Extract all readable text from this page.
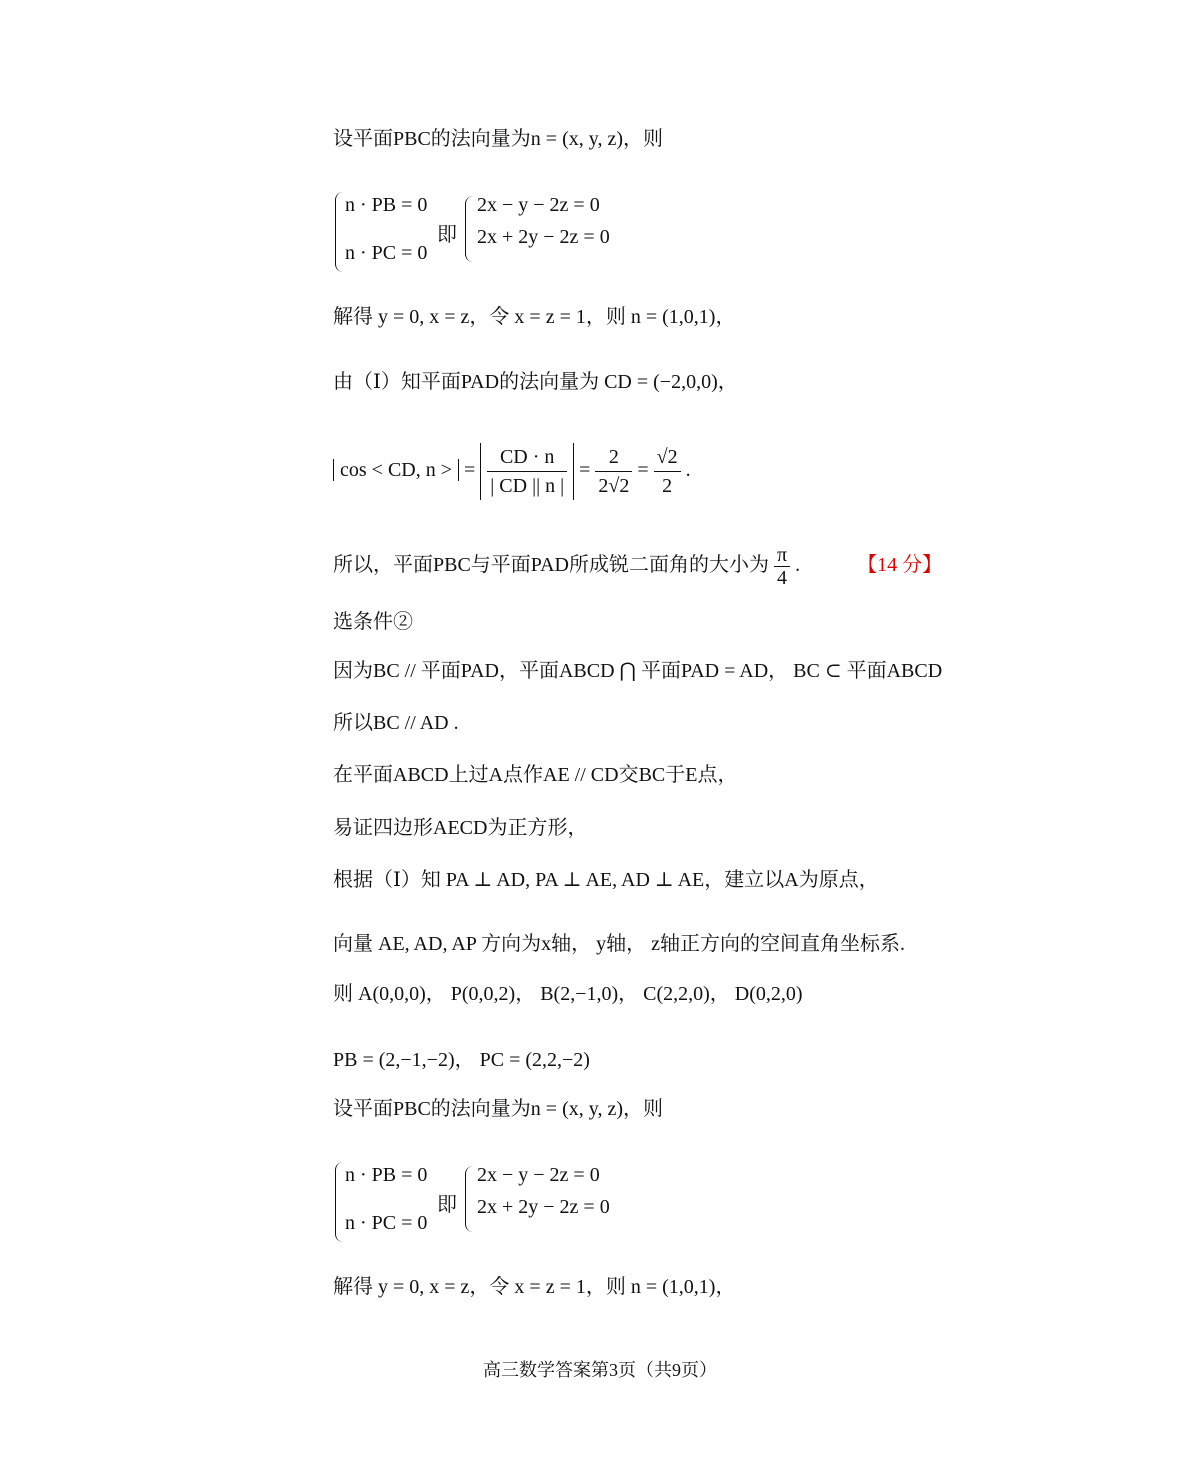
设平面PBC的法向量为n = (x, y, z)，则
n · PB = 0
n · PC = 0
即
2x − y − 2z = 0
2x + 2y − 2z = 0
解得 y = 0, x = z，令 x = z = 1，则 n = (1,0,1)，
由（Ⅰ）知平面PAD的法向量为 CD = (−2,0,0)，
cos < CD, n > = $\frac{CD \cdot n}{| CD || n |} = \frac{2}{2√2} = \frac{√2}{2}$ .
所以，平面PBC与平面PAD所成锐二面角的大小为 $\frac{\pi}{4}$ .	【14 分】
选条件②
因为BC // 平面PAD，平面ABCD ⋂ 平面PAD = AD， BC ⊂ 平面ABCD
所以BC // AD .
在平面ABCD上过A点作AE // CD交BC于E点，
易证四边形AECD为正方形，
根据（Ⅰ）知 PA ⊥ AD, PA ⊥ AE, AD ⊥ AE，建立以A为原点，
向量 AE, AD, AP 方向为x轴， y轴， z轴正方向的空间直角坐标系.
则 A(0,0,0)， P(0,0,2)， B(2,−1,0)， C(2,2,0)， D(0,2,0)
PB = (2,−1,−2)， PC = (2,2,−2)
设平面PBC的法向量为n = (x, y, z)，则
n · PB = 0
n · PC = 0
即
2x − y − 2z = 0
2x + 2y − 2z = 0
解得 y = 0, x = z，令 x = z = 1，则 n = (1,0,1)，
高三数学答案第3页（共9页）
